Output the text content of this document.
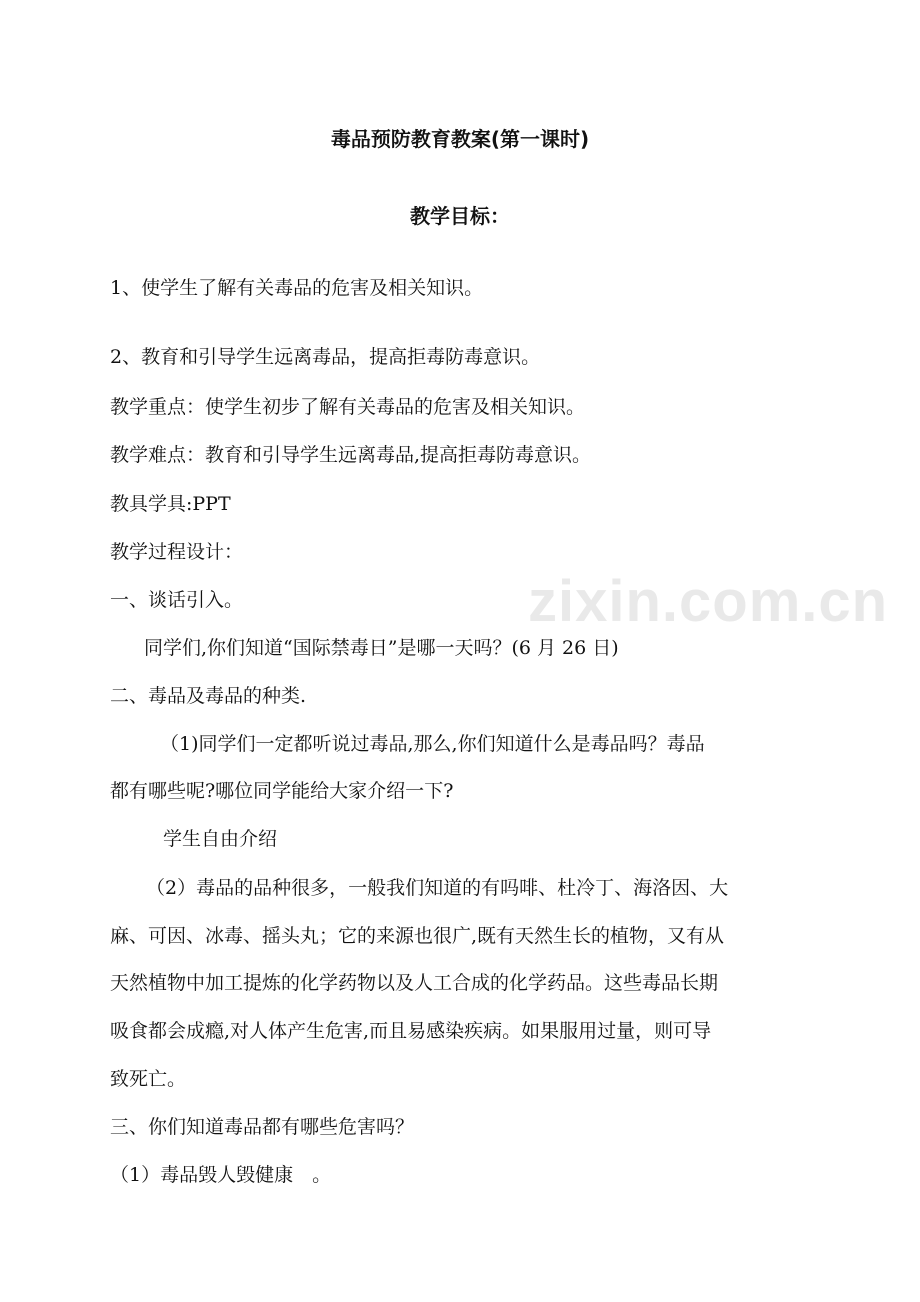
zixin.com.cn
毒品预防教育教案(第一课时)
教学目标：
1、使学生了解有关毒品的危害及相关知识。
2、教育和引导学生远离毒品，提高拒毒防毒意识。
教学重点：使学生初步了解有关毒品的危害及相关知识。
教学难点：教育和引导学生远离毒品,提高拒毒防毒意识。
教具学具:PPT
教学过程设计：
一、谈话引入。
同学们,你们知道“国际禁毒日”是哪一天吗？(6 月 26 日)
二、毒品及毒品的种类.
（1)同学们一定都听说过毒品,那么,你们知道什么是毒品吗？毒品
都有哪些呢?哪位同学能给大家介绍一下?
学生自由介绍
（2）毒品的品种很多，一般我们知道的有吗啡、杜冷丁、海洛因、大
麻、可因、冰毒、摇头丸；它的来源也很广,既有天然生长的植物，又有从
天然植物中加工提炼的化学药物以及人工合成的化学药品。这些毒品长期
吸食都会成瘾,对人体产生危害,而且易感染疾病。如果服用过量，则可导
致死亡。
三、你们知道毒品都有哪些危害吗？
（1）毒品毁人毁健康　。
